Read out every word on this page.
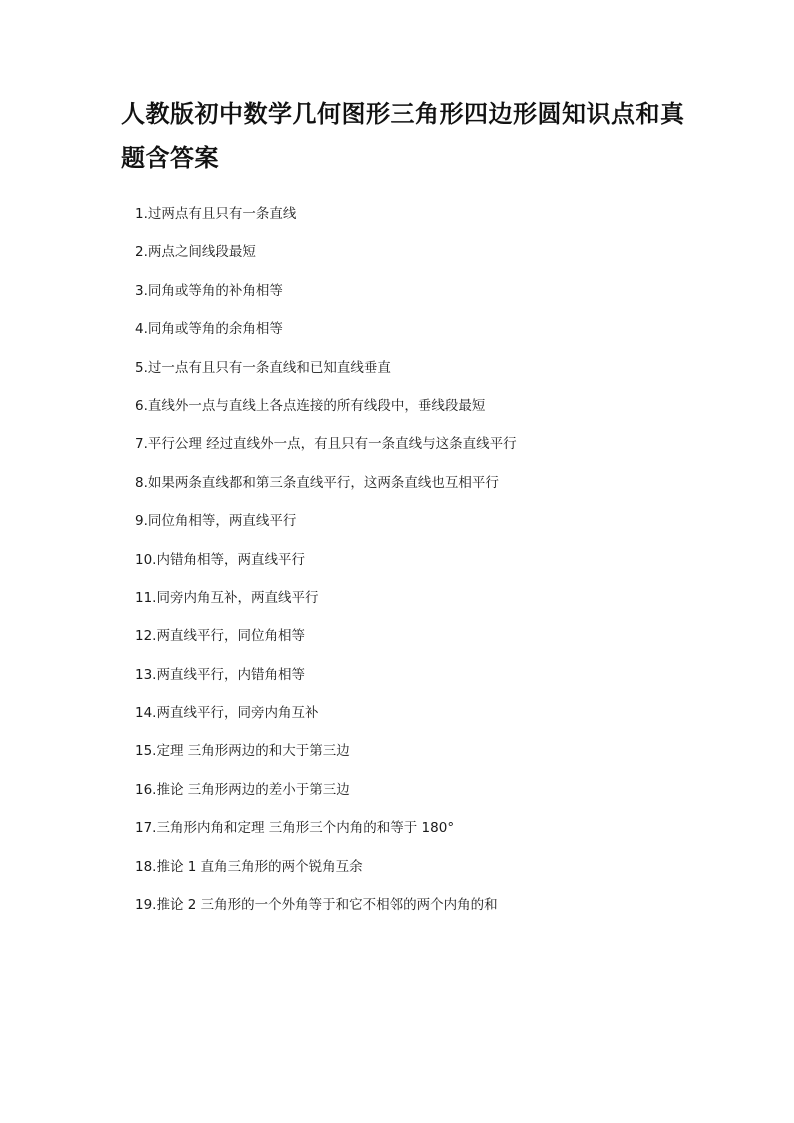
人教版初中数学几何图形三角形四边形圆知识点和真题含答案
1.过两点有且只有一条直线
2.两点之间线段最短
3.同角或等角的补角相等
4.同角或等角的余角相等
5.过一点有且只有一条直线和已知直线垂直
6.直线外一点与直线上各点连接的所有线段中，垂线段最短
7.平行公理 经过直线外一点，有且只有一条直线与这条直线平行
8.如果两条直线都和第三条直线平行，这两条直线也互相平行
9.同位角相等，两直线平行
10.内错角相等，两直线平行
11.同旁内角互补，两直线平行
12.两直线平行，同位角相等
13.两直线平行，内错角相等
14.两直线平行，同旁内角互补
15.定理 三角形两边的和大于第三边
16.推论 三角形两边的差小于第三边
17.三角形内角和定理 三角形三个内角的和等于 180°
18.推论 1 直角三角形的两个锐角互余
19.推论 2 三角形的一个外角等于和它不相邻的两个内角的和
